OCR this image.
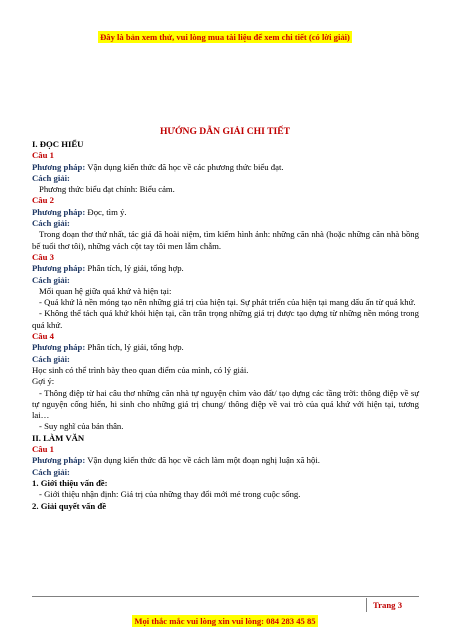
Đây là bản xem thử, vui lòng mua tài liệu để xem chi tiết (có lời giải)
HƯỚNG DẪN GIẢI CHI TIẾT

I. ĐỌC HIỂU

Câu 1

Phương pháp: Vận dụng kiến thức đã học về các phương thức biểu đạt.

Cách giải:

Phương thức biểu đạt chính: Biểu cảm.

Câu 2

Phương pháp: Đọc, tìm ý.

Cách giải:

Trong đoạn thơ thứ nhất, tác giả đã hoài niệm, tìm kiếm hình ảnh: những căn nhà (hoặc những căn nhà bồng bế tuổi thơ tôi), những vách cột tay tôi men lẫm chẫm.

Câu 3

Phương pháp: Phân tích, lý giải, tổng hợp.

Cách giải:

Mối quan hệ giữa quá khứ và hiện tại:

- Quá khứ là nền móng tạo nên những giá trị của hiện tại. Sự phát triển của hiện tại mang dấu ấn từ quá khứ.

- Không thể tách quá khứ khỏi hiện tại, cần trân trọng những giá trị được tạo dựng từ những nền móng trong quá khứ.

Câu 4

Phương pháp: Phân tích, lý giải, tổng hợp.

Cách giải:

Học sinh có thể trình bày theo quan điểm của mình, có lý giải.

Gợi ý:

- Thông điệp từ hai câu thơ những căn nhà tự nguyện chìm vào đất/ tạo dựng các tầng trời: thông điệp về sự tự nguyện cống hiến, hi sinh cho những giá trị chung/ thông điệp về vai trò của quá khứ với hiện tại, tương lai…

- Suy nghĩ của bản thân.

II. LÀM VĂN

Câu 1

Phương pháp: Vận dụng kiến thức đã học về cách làm một đoạn nghị luận xã hội.

Cách giải:

1. Giới thiệu vấn đề:

- Giới thiệu nhận định: Giá trị của những thay đổi mới mẻ trong cuộc sống.

2. Giải quyết vấn đề

Trang 3
Mọi thắc mắc vui lòng xin vui lòng: 084 283 45 85
